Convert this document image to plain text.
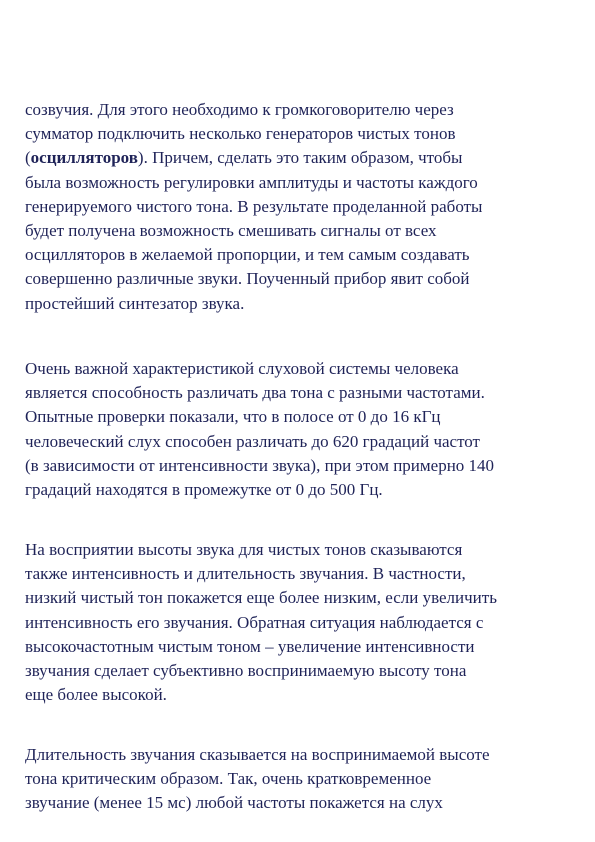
созвучия. Для этого необходимо к громкоговорителю через
сумматор подключить несколько генераторов чистых тонов
(осцилляторов). Причем, сделать это таким образом, чтобы
была возможность регулировки амплитуды и частоты каждого
генерируемого чистого тона. В результате проделанной работы
будет получена возможность смешивать сигналы от всех
осцилляторов в желаемой пропорции, и тем самым создавать
совершенно различные звуки. Поученный прибор явит собой
простейший синтезатор звука.

Очень важной характеристикой слуховой системы человека
является способность различать два тона с разными частотами.
Опытные проверки показали, что в полосе от 0 до 16 кГц
человеческий слух способен различать до 620 градаций частот
(в зависимости от интенсивности звука), при этом примерно 140
градаций находятся в промежутке от 0 до 500 Гц.

На восприятии высоты звука для чистых тонов сказываются
также интенсивность и длительность звучания. В частности,
низкий чистый тон покажется еще более низким, если увеличить
интенсивность его звучания. Обратная ситуация наблюдается с
высокочастотным чистым тоном – увеличение интенсивности
звучания сделает субъективно воспринимаемую высоту тона
еще более высокой.

Длительность звучания сказывается на воспринимаемой высоте
тона критическим образом. Так, очень кратковременное
звучание (менее 15 мс) любой частоты покажется на слух
